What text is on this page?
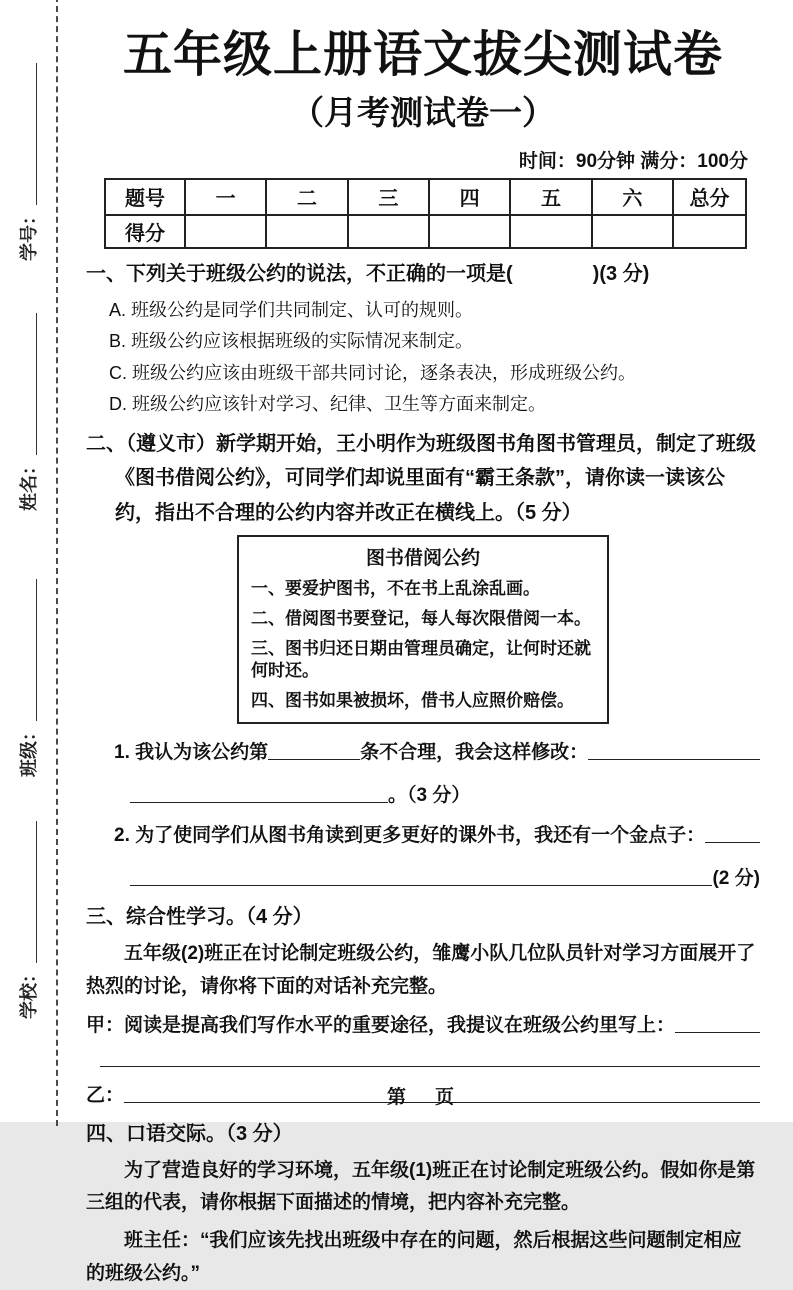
学号：
姓名：
班级：
学校：
五年级上册语文拔尖测试卷
（月考测试卷一）
时间：90分钟 满分：100分
题号	一	二	三	四	五	六	总分
得分							
一、下列关于班级公约的说法，不正确的一项是(　　　　)(3 分)
A. 班级公约是同学们共同制定、认可的规则。
B. 班级公约应该根据班级的实际情况来制定。
C. 班级公约应该由班级干部共同讨论，逐条表决，形成班级公约。
D. 班级公约应该针对学习、纪律、卫生等方面来制定。
二、（遵义市）新学期开始，王小明作为班级图书角图书管理员，制定了班级《图书借阅公约》，可同学们却说里面有“霸王条款”，请你读一读该公约，指出不合理的公约内容并改正在横线上。（5 分）
图书借阅公约
一、要爱护图书，不在书上乱涂乱画。
二、借阅图书要登记，每人每次限借阅一本。
三、图书归还日期由管理员确定，让何时还就何时还。
四、图书如果被损坏，借书人应照价赔偿。
1. 我认为该公约第	条不合理，我会这样修改：
。（3 分）
2. 为了使同学们从图书角读到更多更好的课外书，我还有一个金点子：
(2 分)
三、综合性学习。（4 分）
五年级(2)班正在讨论制定班级公约，雏鹰小队几位队员针对学习方面展开了热烈的讨论，请你将下面的对话补充完整。
甲：阅读是提高我们写作水平的重要途径，我提议在班级公约里写上：
乙：
四、口语交际。（3 分）
为了营造良好的学习环境，五年级(1)班正在讨论制定班级公约。假如你是第三组的代表，请你根据下面描述的情境，把内容补充完整。
班主任：“我们应该先找出班级中存在的问题，然后根据这些问题制定相应的班级公约。”
第　页
